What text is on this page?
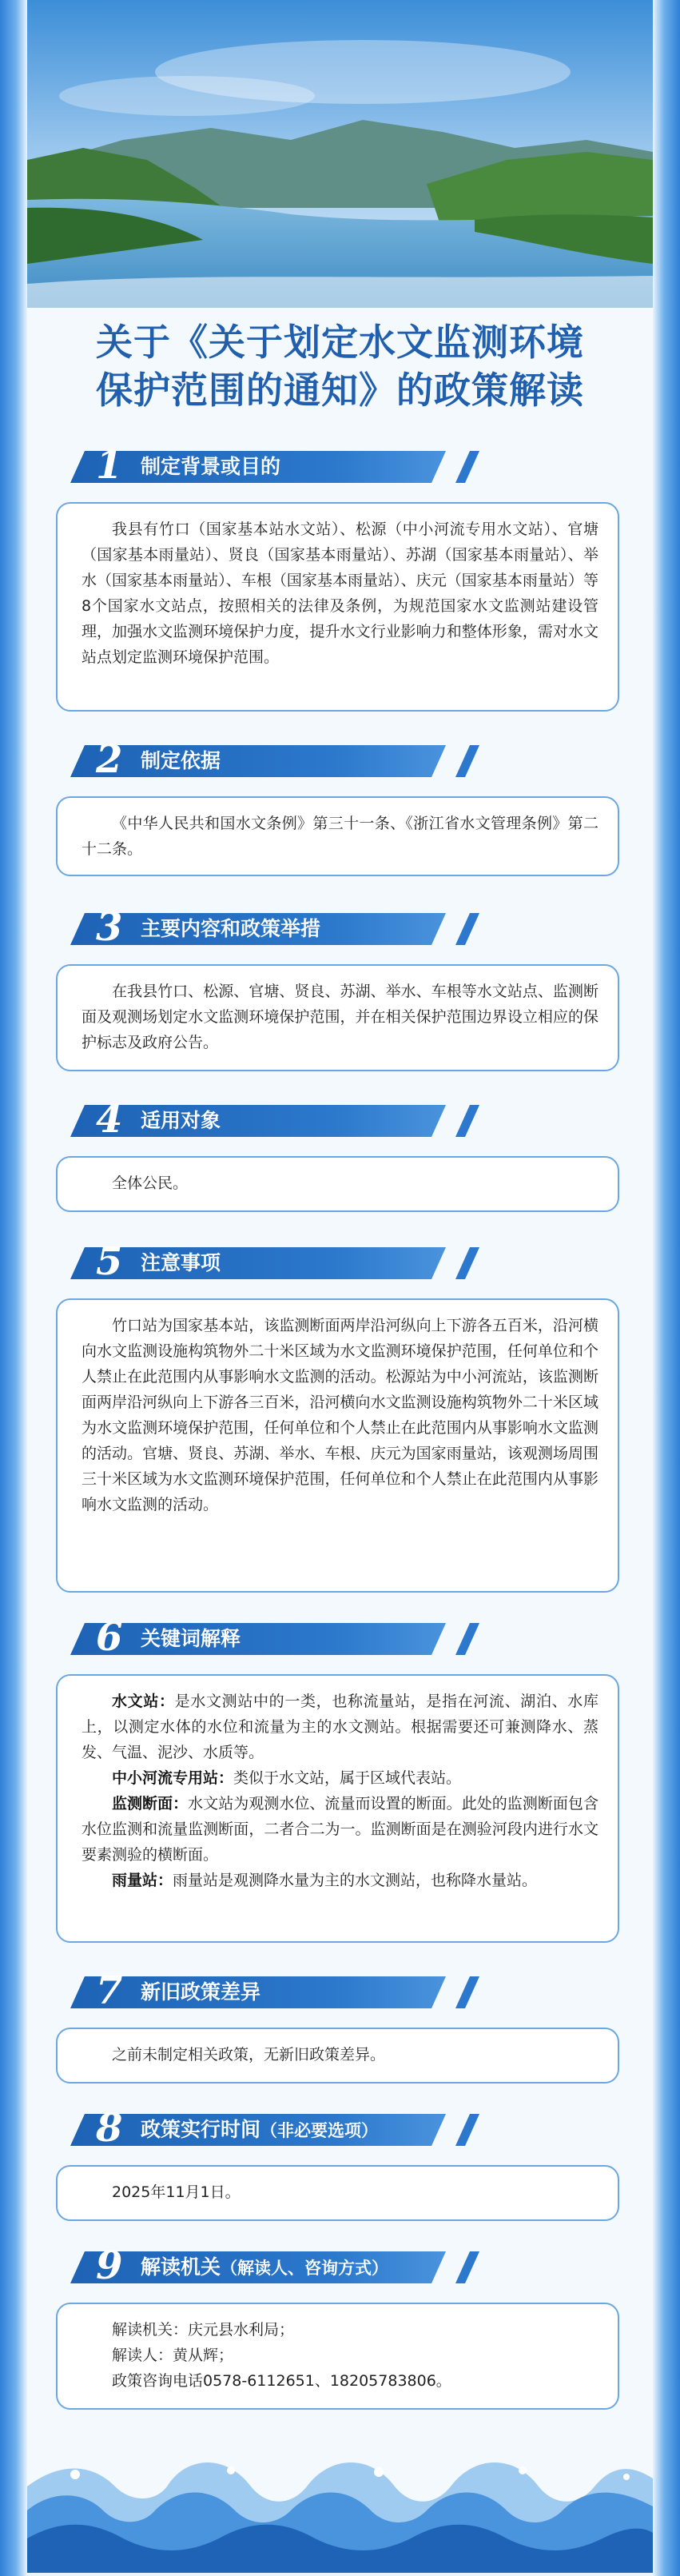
关于《关于划定水文监测环境
保护范围的通知》的政策解读
1 制定背景或目的

我县有竹口（国家基本站水文站）、松源（中小河流专用水文站）、官塘（国家基本雨量站）、贤良（国家基本雨量站）、苏湖（国家基本雨量站）、举水（国家基本雨量站）、车根（国家基本雨量站）、庆元（国家基本雨量站）等8个国家水文站点，按照相关的法律及条例，为规范国家水文监测站建设管理，加强水文监测环境保护力度，提升水文行业影响力和整体形象，需对水文站点划定监测环境保护范围。

2 制定依据

《中华人民共和国水文条例》第三十一条、《浙江省水文管理条例》第二十二条。

3 主要内容和政策举措

在我县竹口、松源、官塘、贤良、苏湖、举水、车根等水文站点、监测断面及观测场划定水文监测环境保护范围，并在相关保护范围边界设立相应的保护标志及政府公告。

4 适用对象

全体公民。

5 注意事项

竹口站为国家基本站，该监测断面两岸沿河纵向上下游各五百米，沿河横向水文监测设施构筑物外二十米区域为水文监测环境保护范围，任何单位和个人禁止在此范围内从事影响水文监测的活动。松源站为中小河流站，该监测断面两岸沿河纵向上下游各三百米，沿河横向水文监测设施构筑物外二十米区域为水文监测环境保护范围，任何单位和个人禁止在此范围内从事影响水文监测的活动。官塘、贤良、苏湖、举水、车根、庆元为国家雨量站，该观测场周围三十米区域为水文监测环境保护范围，任何单位和个人禁止在此范围内从事影响水文监测的活动。

6 关键词解释

水文站：是水文测站中的一类，也称流量站，是指在河流、湖泊、水库上，以测定水体的水位和流量为主的水文测站。根据需要还可兼测降水、蒸发、气温、泥沙、水质等。

中小河流专用站：类似于水文站，属于区域代表站。

监测断面：水文站为观测水位、流量而设置的断面。此处的监测断面包含水位监测和流量监测断面，二者合二为一。监测断面是在测验河段内进行水文要素测验的横断面。

雨量站：雨量站是观测降水量为主的水文测站，也称降水量站。

7 新旧政策差异

之前未制定相关政策，无新旧政策差异。

8 政策实行时间（非必要选项）

2025年11月1日。

9 解读机关（解读人、咨询方式）

解读机关：庆元县水利局；

解读人：黄从辉；

政策咨询电话0578-6112651、18205783806。
